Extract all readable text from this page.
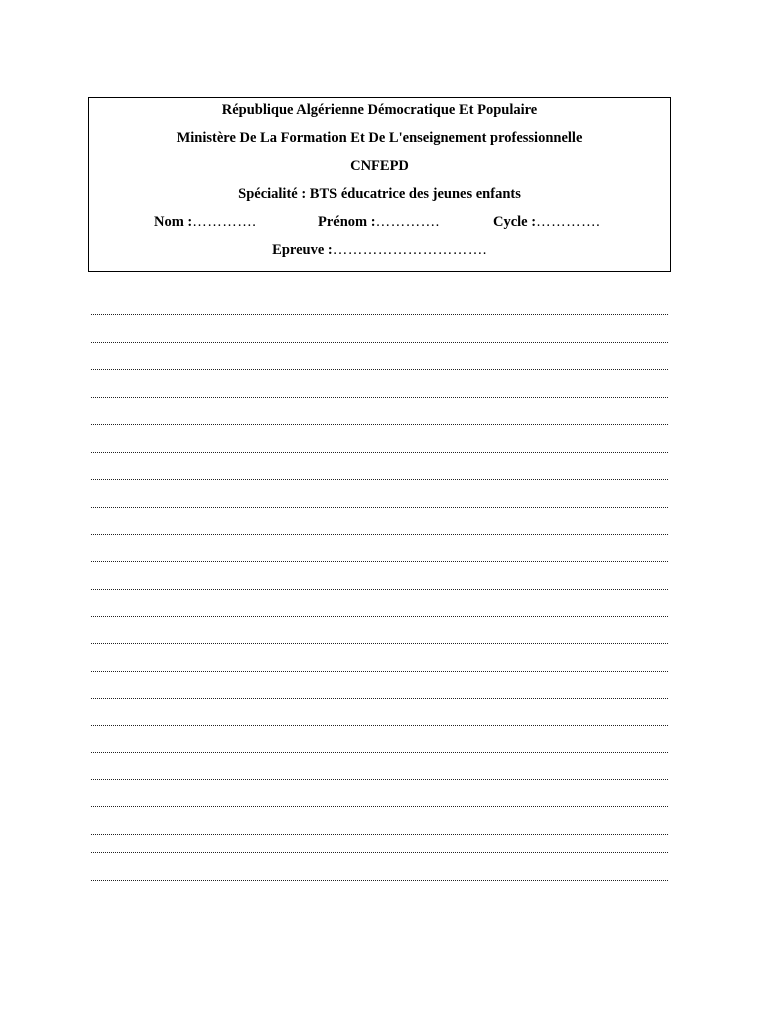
République Algérienne Démocratique Et Populaire
Ministère De La Formation Et De L'enseignement professionnelle
CNFEPD
Spécialité : BTS éducatrice des jeunes enfants
Nom :………….	Prénom :………….	Cycle :………….
Epreuve :………………………….
